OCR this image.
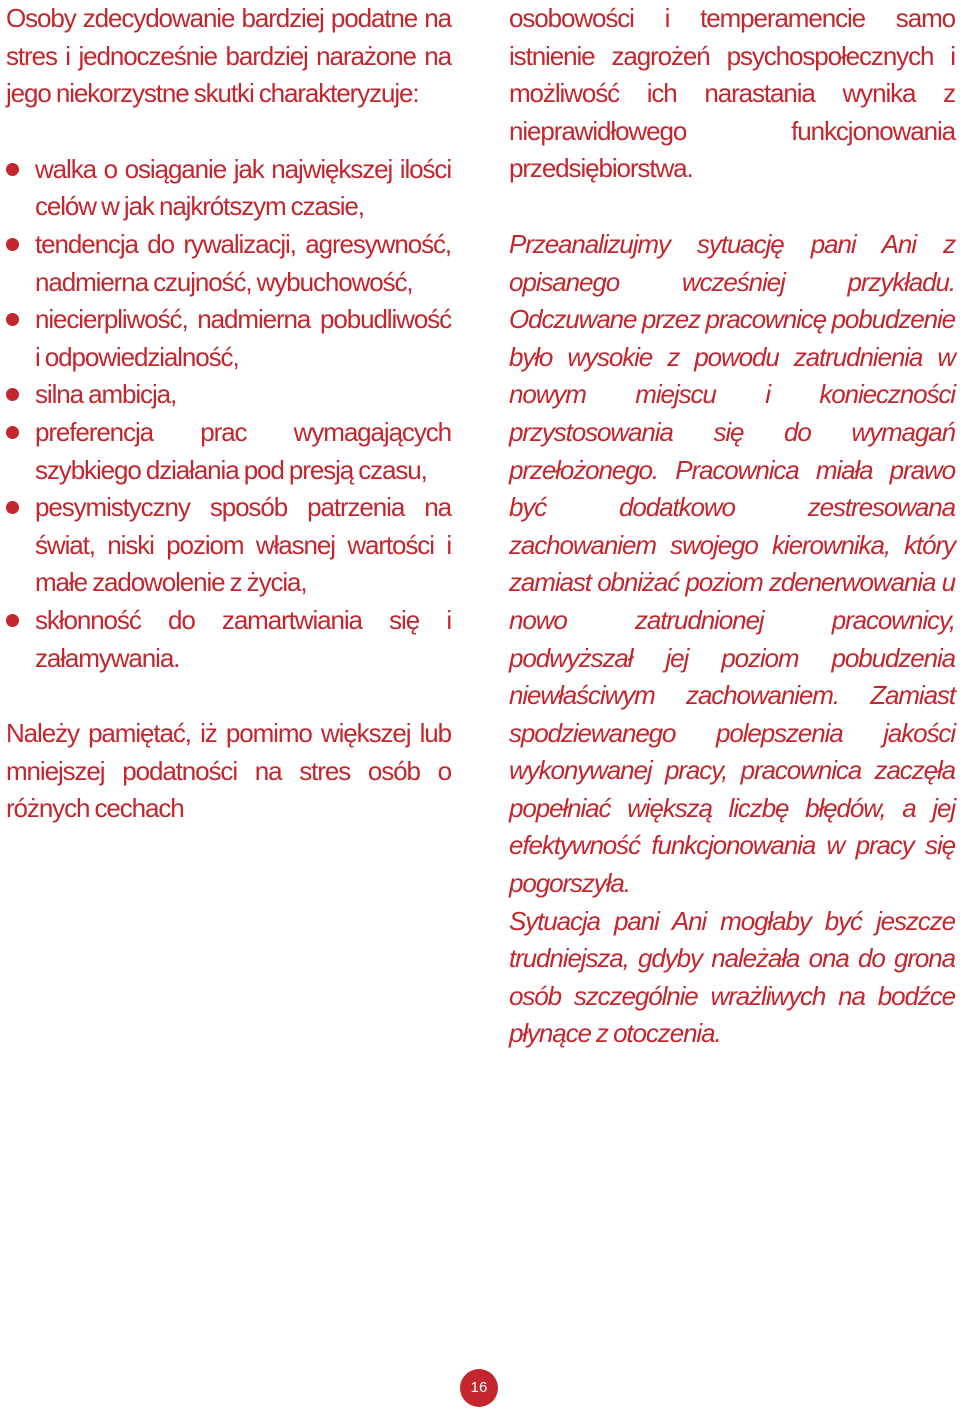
Osoby zdecydowanie bardziej podatne na stres i jednocześnie bardziej narażone na jego niekorzystne skutki charakteryzuje:

walka o osiąganie jak największej ilości celów w jak najkrótszym czasie,
tendencja do rywalizacji, agresywność, nadmierna czujność, wybuchowość,
niecierpliwość, nadmierna pobudliwość i odpowiedzialność,
silna ambicja,
preferencja prac wymagających szybkiego działania pod presją czasu,
pesymistyczny sposób patrzenia na świat, niski poziom własnej wartości i małe zadowolenie z życia,
skłonność do zamartwiania się i załamywania.

Należy pamiętać, iż pomimo większej lub mniejszej podatności na stres osób o różnych cechach

osobowości i temperamencie samo istnienie zagrożeń psychospołecznych i możliwość ich narastania wynika z nieprawidłowego funkcjonowania przedsiębiorstwa.

Przeanalizujmy sytuację pani Ani z opisanego wcześniej przykładu. Odczuwane przez pracownicę pobudzenie było wysokie z powodu zatrudnienia w nowym miejscu i konieczności przystosowania się do wymagań przełożonego. Pracownica miała prawo być dodatkowo zestresowana zachowaniem swojego kierownika, który zamiast obniżać poziom zdenerwowania u nowo zatrudnionej pracownicy, podwyższał jej poziom pobudzenia niewłaściwym zachowaniem. Zamiast spodziewanego polepszenia jakości wykonywanej pracy, pracownica zaczęła popełniać większą liczbę błędów, a jej efektywność funkcjonowania w pracy się pogorszyła.

Sytuacja pani Ani mogłaby być jeszcze trudniejsza, gdyby należała ona do grona osób szczególnie wrażliwych na bodźce płynące z otoczenia.

16
